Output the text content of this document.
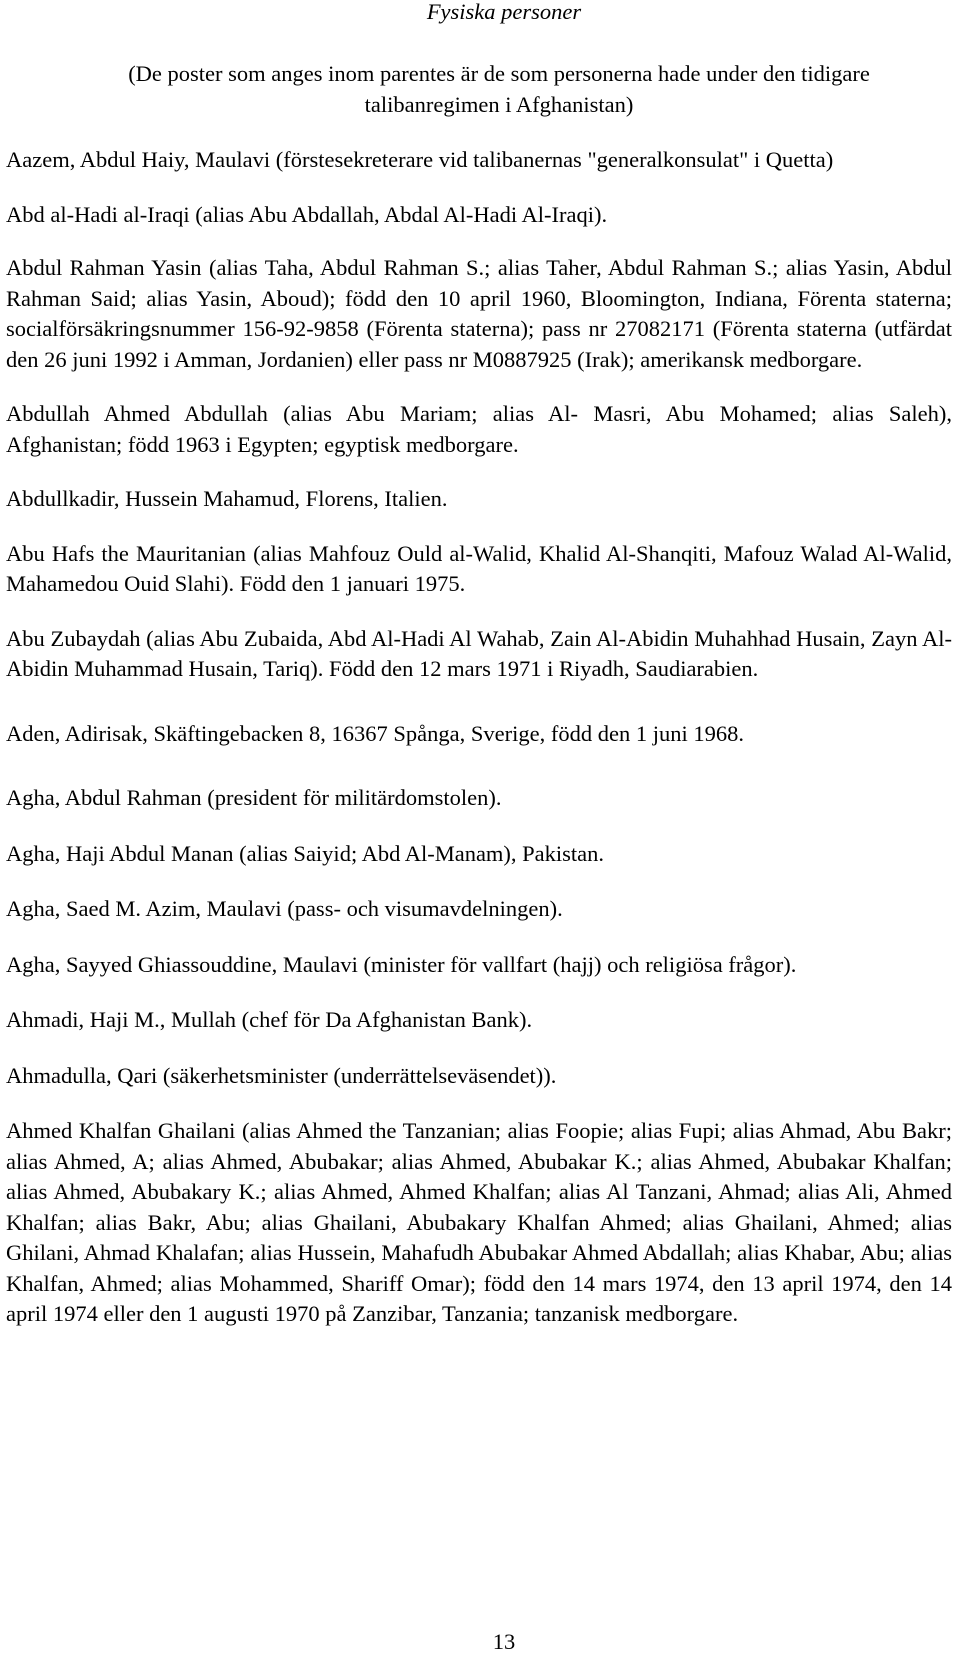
Fysiska personer

(De poster som anges inom parentes är de som personerna hade under den tidigare
talibanregimen i Afghanistan)

Aazem, Abdul Haiy, Maulavi (förstesekreterare vid talibanernas "generalkonsulat" i Quetta)

Abd al-Hadi al-Iraqi (alias Abu Abdallah, Abdal Al-Hadi Al-Iraqi).

Abdul Rahman Yasin (alias Taha, Abdul Rahman S.; alias Taher, Abdul Rahman S.; alias Yasin, Abdul Rahman Said; alias Yasin, Aboud); född den 10 april 1960, Bloomington, Indiana, Förenta staterna; socialförsäkringsnummer 156-92-9858 (Förenta staterna); pass nr 27082171 (Förenta staterna (utfärdat den 26 juni 1992 i Amman, Jordanien) eller pass nr M0887925 (Irak); amerikansk medborgare.

Abdullah Ahmed Abdullah (alias Abu Mariam; alias Al- Masri, Abu Mohamed; alias Saleh), Afghanistan; född 1963 i Egypten; egyptisk medborgare.

Abdullkadir, Hussein Mahamud, Florens, Italien.

Abu Hafs the Mauritanian (alias Mahfouz Ould al-Walid, Khalid Al-Shanqiti, Mafouz Walad Al-Walid, Mahamedou Ouid Slahi). Född den 1 januari 1975.

Abu Zubaydah (alias Abu Zubaida, Abd Al-Hadi Al Wahab, Zain Al-Abidin Muhahhad Husain, Zayn Al-Abidin Muhammad Husain, Tariq). Född den 12 mars 1971 i Riyadh, Saudiarabien.

Aden, Adirisak, Skäftingebacken 8, 16367 Spånga, Sverige, född den 1 juni 1968.

Agha, Abdul Rahman (president för militärdomstolen).

Agha, Haji Abdul Manan (alias Saiyid; Abd Al-Manam), Pakistan.

Agha, Saed M. Azim, Maulavi (pass- och visumavdelningen).

Agha, Sayyed Ghiassouddine, Maulavi (minister för vallfart (hajj) och religiösa frågor).

Ahmadi, Haji M., Mullah (chef för Da Afghanistan Bank).

Ahmadulla, Qari (säkerhetsminister (underrättelseväsendet)).

Ahmed Khalfan Ghailani (alias Ahmed the Tanzanian; alias Foopie; alias Fupi; alias Ahmad, Abu Bakr; alias Ahmed, A; alias Ahmed, Abubakar; alias Ahmed, Abubakar K.; alias Ahmed, Abubakar Khalfan; alias Ahmed, Abubakary K.; alias Ahmed, Ahmed Khalfan; alias Al Tanzani, Ahmad; alias Ali, Ahmed Khalfan; alias Bakr, Abu; alias Ghailani, Abubakary Khalfan Ahmed; alias Ghailani, Ahmed; alias Ghilani, Ahmad Khalafan; alias Hussein, Mahafudh Abubakar Ahmed Abdallah; alias Khabar, Abu; alias Khalfan, Ahmed; alias Mohammed, Shariff Omar); född den 14 mars 1974, den 13 april 1974, den 14 april 1974 eller den 1 augusti 1970 på Zanzibar, Tanzania; tanzanisk medborgare.

13
